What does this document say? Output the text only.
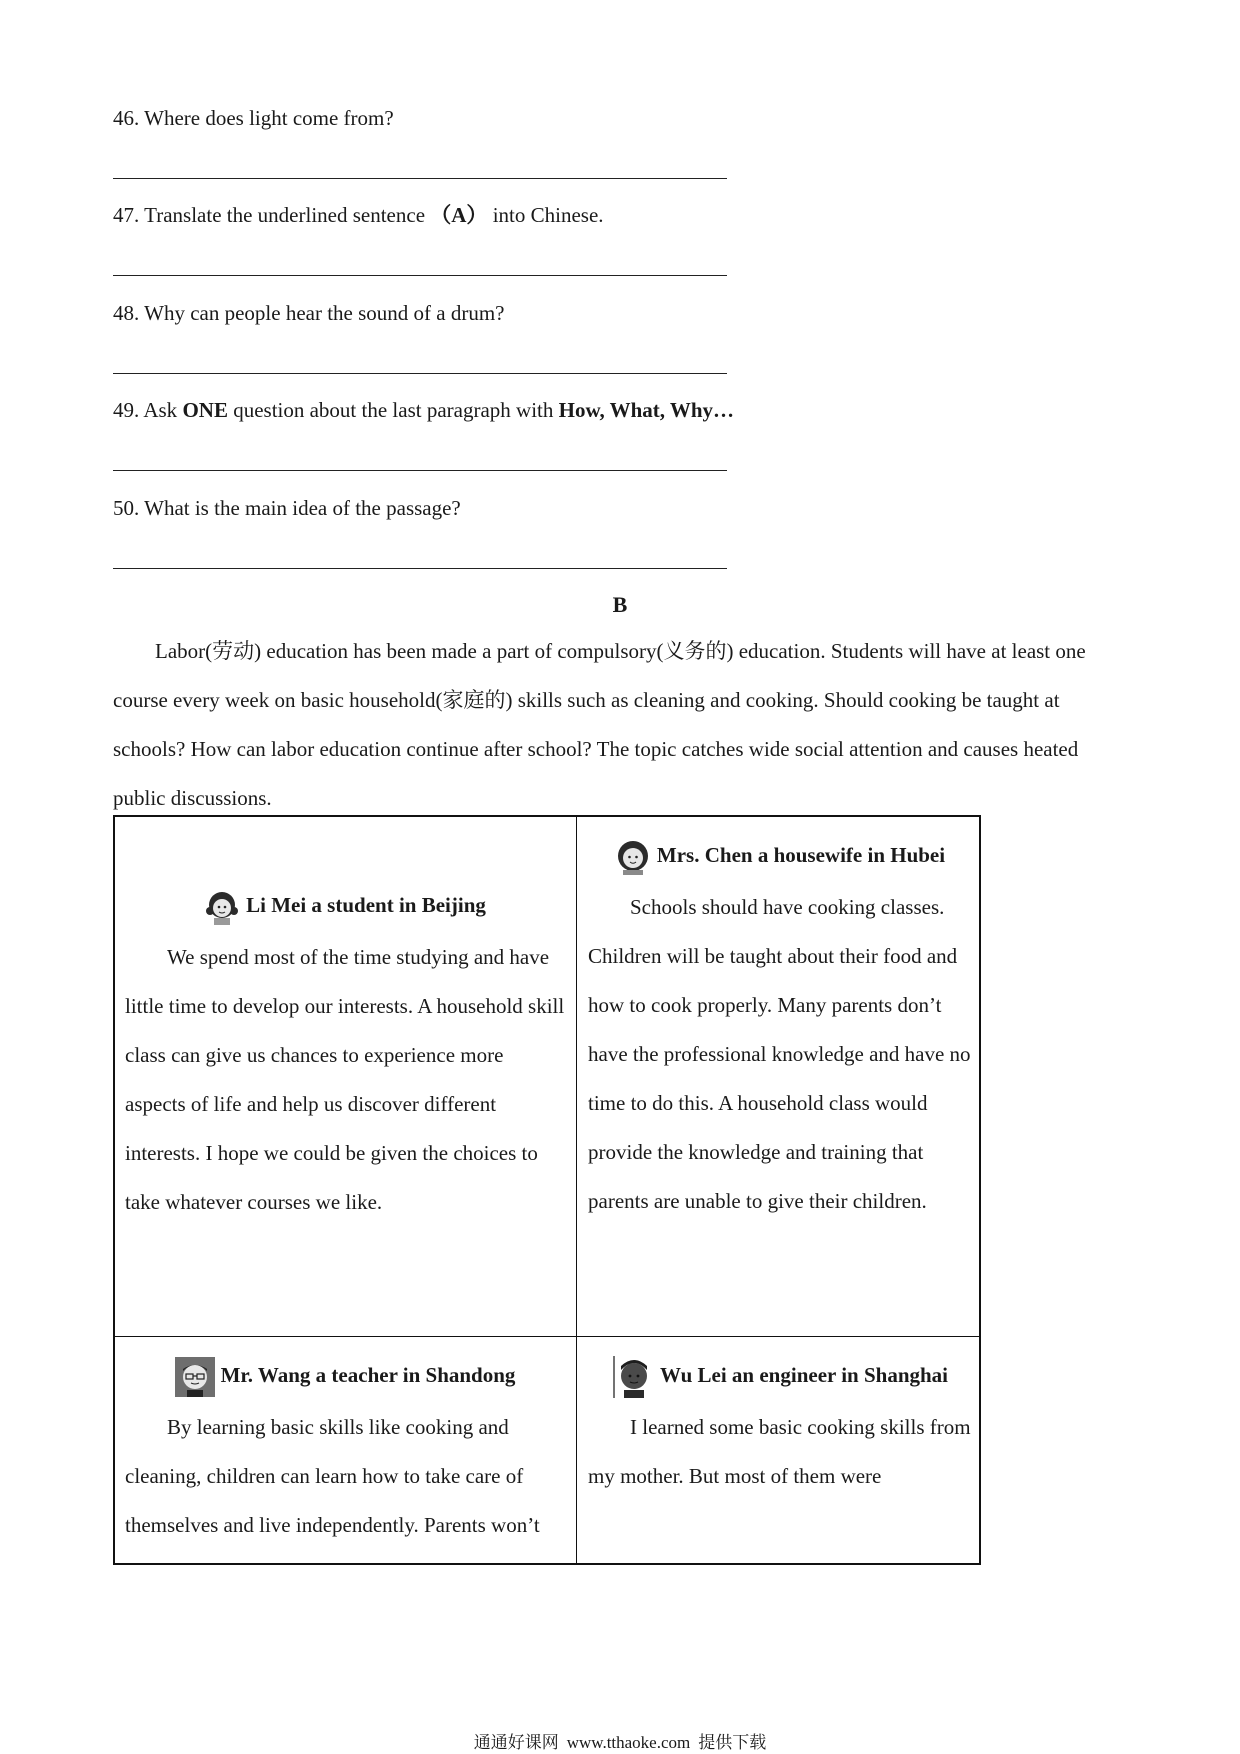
46. Where does light come from?
47. Translate the underlined sentence （A） into Chinese.
48. Why can people hear the sound of a drum?
49. Ask ONE question about the last paragraph with How, What, Why…
50. What is the main idea of the passage?
B

Labor(劳动) education has been made a part of compulsory(义务的) education. Students will have at least one course every week on basic household(家庭的) skills such as cleaning and cooking. Should cooking be taught at schools? How can labor education continue after school? The topic catches wide social attention and causes heated public discussions.

Li Mei a student in Beijing

We spend most of the time studying and have little time to develop our interests. A household skill class can give us chances to experience more aspects of life and help us discover different interests. I hope we could be given the choices to take whatever courses we like.

Mrs. Chen a housewife in Hubei

Schools should have cooking classes. Children will be taught about their food and how to cook properly. Many parents don’t have the professional knowledge and have no time to do this. A household class would provide the knowledge and training that parents are unable to give their children.

Mr. Wang a teacher in Shandong

By learning basic skills like cooking and cleaning, children can learn how to take care of themselves and live independently. Parents won’t

Wu Lei an engineer in Shanghai

I learned some basic cooking skills from my mother. But most of them were

通通好课网 www.tthaoke.com 提供下载
